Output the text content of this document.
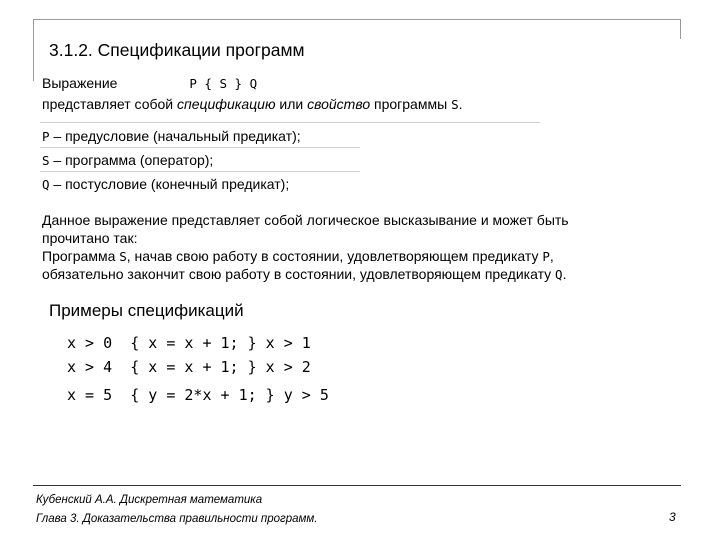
3.1.2. Спецификации программ
Выражение	P { S } Q
представляет собой спецификацию или свойство программы S.
P – предусловие (начальный предикат);
S – программа (оператор);
Q – постусловие (конечный предикат);
Данное выражение представляет собой логическое высказывание и может быть
прочитано так:
Программа S, начав свою работу в состоянии, удовлетворяющем предикату P,
обязательно закончит свою работу в состоянии, удовлетворяющем предикату Q.
Примеры спецификаций
x > 0  { x = x + 1; } x > 1
x > 4  { x = x + 1; } x > 2
x = 5  { y = 2*x + 1; } y > 5
Кубенский А.А. Дискретная математика
Глава 3. Доказательства правильности программ.	3
